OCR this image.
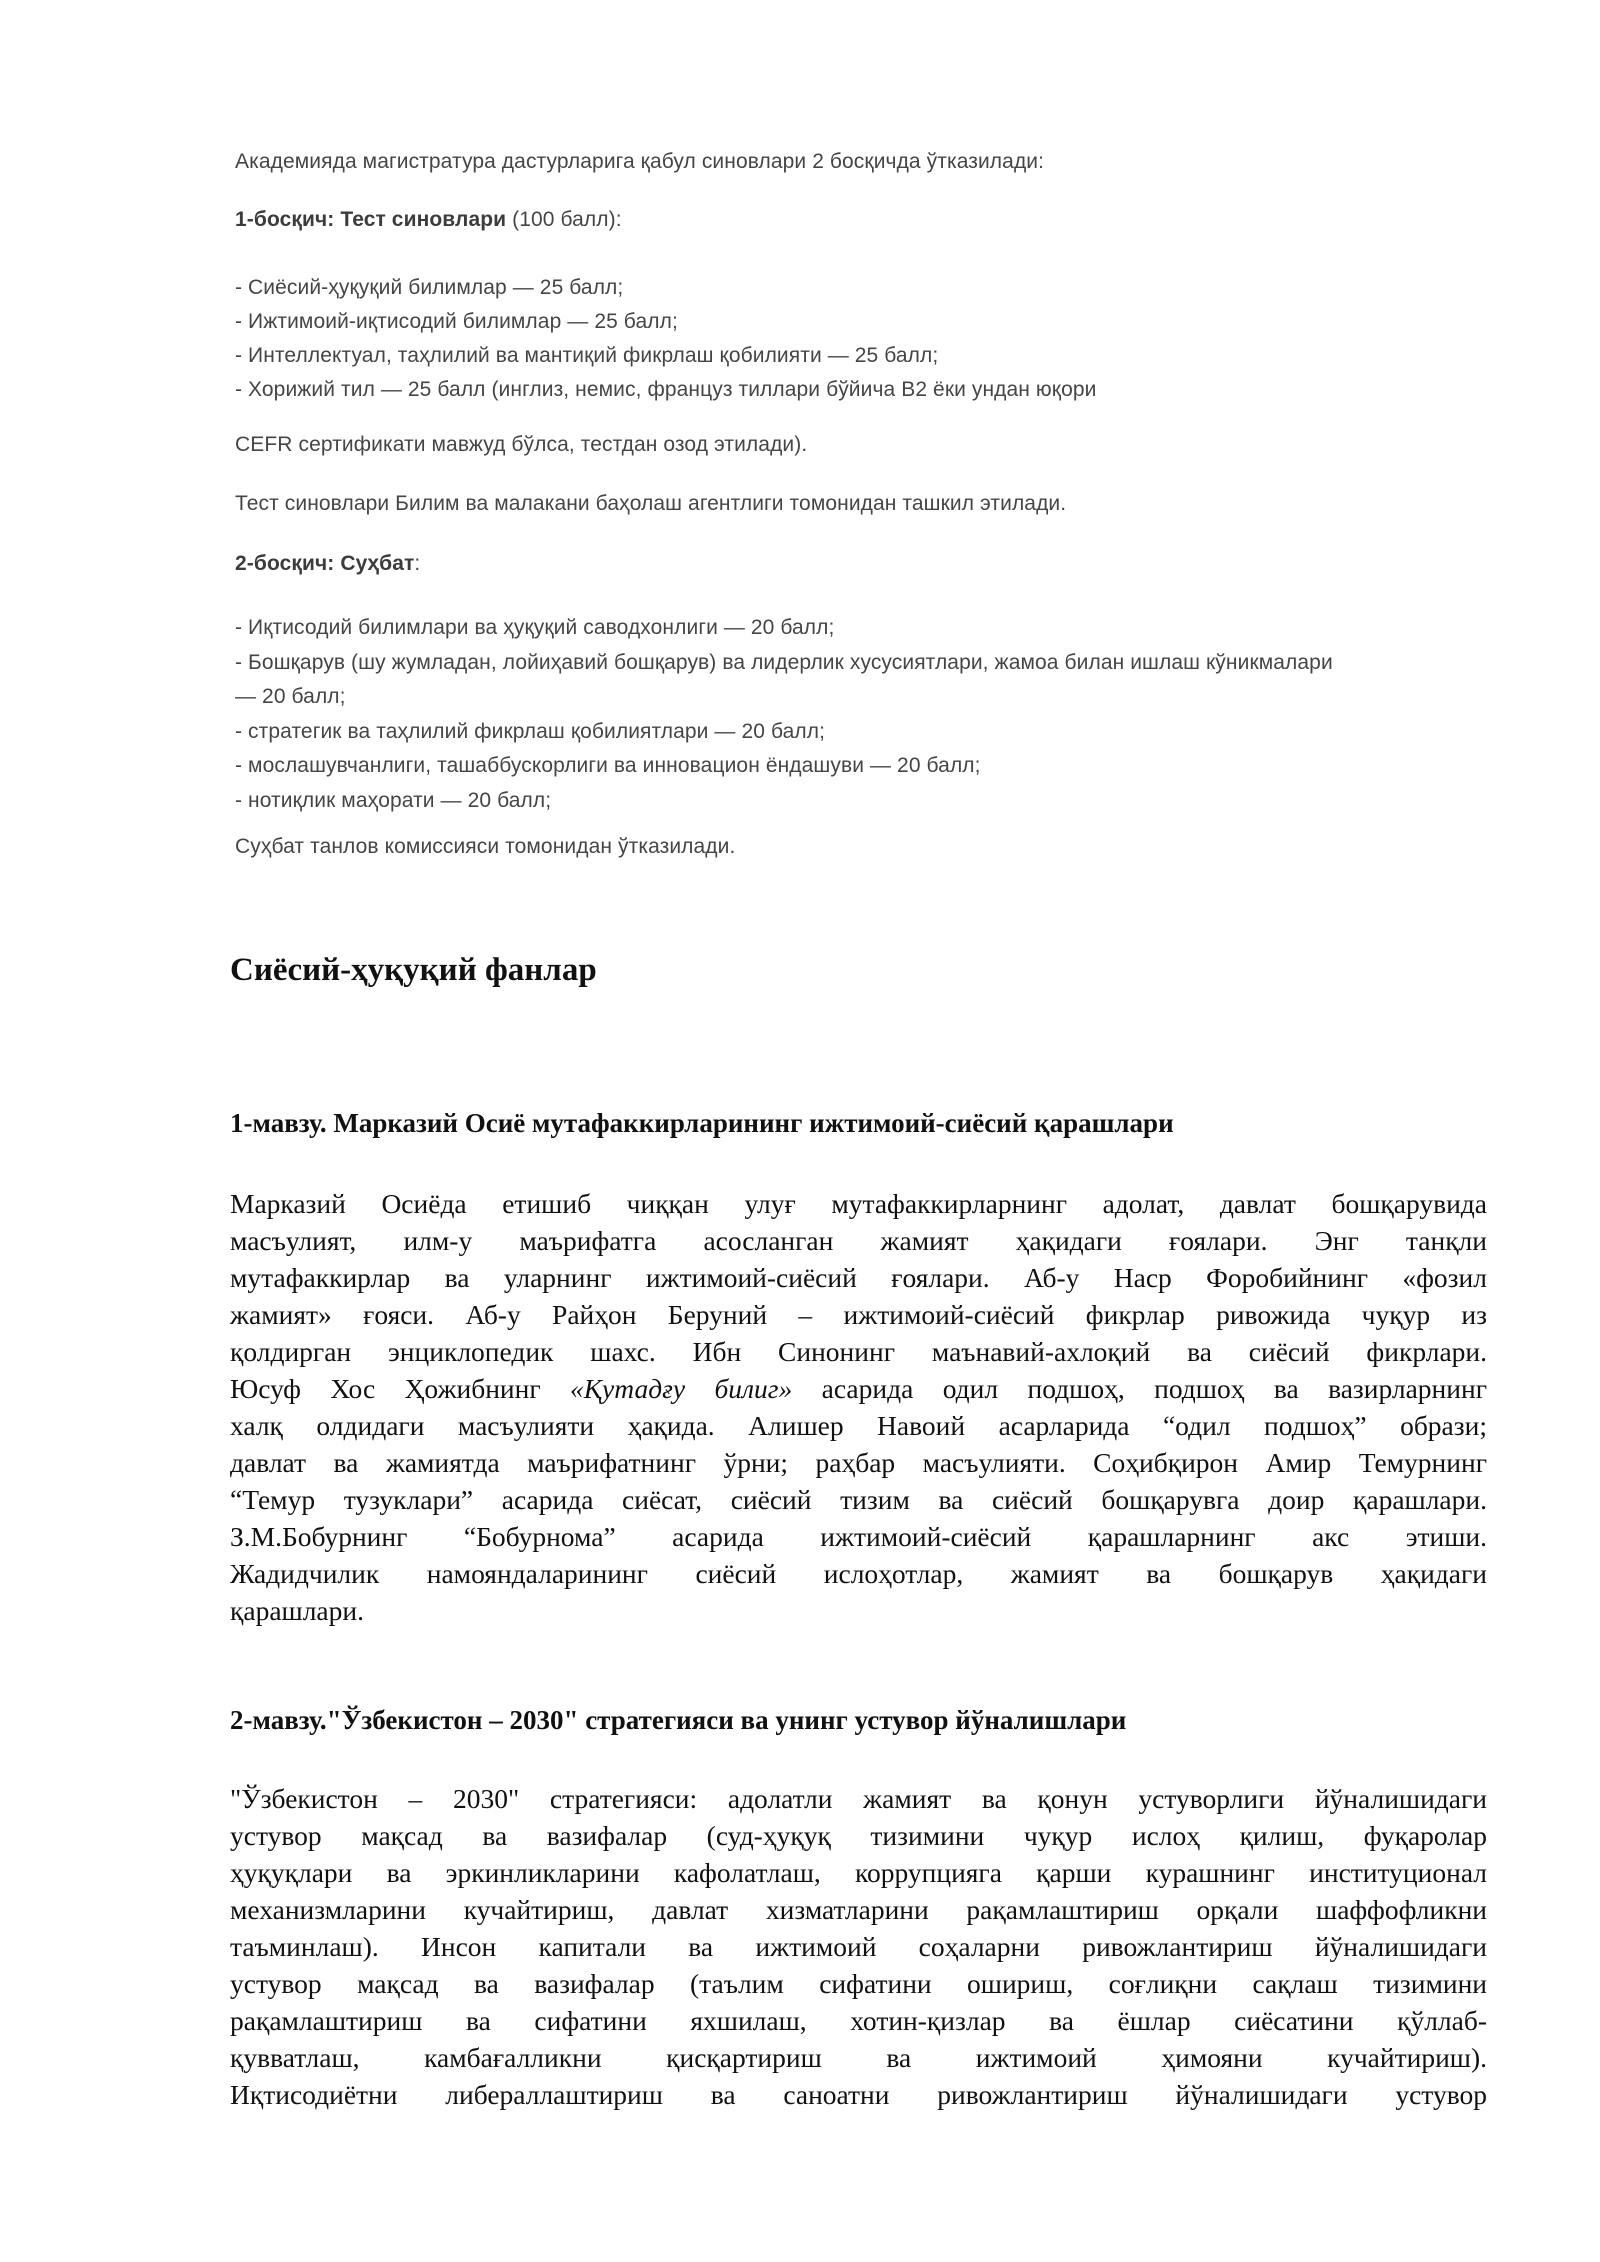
Академияда магистратура дастурларига қабул синовлари 2 босқичда ўтказилади:

1-босқич: Тест синовлари (100 балл):

- Сиёсий-ҳуқуқий билимлар — 25 балл;
- Ижтимоий-иқтисодий билимлар — 25 балл;
- Интеллектуал, таҳлилий ва мантиқий фикрлаш қобилияти — 25 балл;
- Хорижий тил — 25 балл (инглиз, немис, француз тиллари бўйича B2 ёки ундан юқори

CEFR сертификати мавжуд бўлса, тестдан озод этилади).

Тест синовлари Билим ва малакани баҳолаш агентлиги томонидан ташкил этилади.

2-босқич: Суҳбат:

- Иқтисодий билимлари ва ҳуқуқий саводхонлиги — 20 балл;
- Бошқарув (шу жумладан, лойиҳавий бошқарув) ва лидерлик хусусиятлари, жамоа билан ишлаш кўникмалари
— 20 балл;
- стратегик ва таҳлилий фикрлаш қобилиятлари — 20 балл;
- мослашувчанлиги, ташаббускорлиги ва инновацион ёндашуви — 20 балл;
- нотиқлик маҳорати — 20 балл;

Суҳбат танлов комиссияси томонидан ўтказилади.

Сиёсий-ҳуқуқий фанлар
1-мавзу. Марказий Осиё мутафаккирларининг ижтимоий-сиёсий қарашлари
Марказий Осиёда етишиб чиққан улуғ мутафаккирларнинг адолат, давлат бошқарувида
масъулият, илм-у маърифатга асосланган жамият ҳақидаги ғоялари. Энг танқли
мутафаккирлар ва уларнинг ижтимоий-сиёсий ғоялари. Аб-у Наср Форобийнинг «фозил
жамият» ғояси. Аб-у Райҳон Беруний – ижтимоий-сиёсий фикрлар ривожида чуқур из
қолдирган энциклопедик шахс. Ибн Синонинг маънавий-ахлоқий ва сиёсий фикрлари.
Юсуф Хос Ҳожибнинг «Қутадғу билиг» асарида одил подшоҳ, подшоҳ ва вазирларнинг
халқ олдидаги масъулияти ҳақида. Алишер Навоий асарларида “одил подшоҳ” образи;
давлат ва жамиятда маърифатнинг ўрни; раҳбар масъулияти. Соҳибқирон Амир Темурнинг
“Темур тузуклари” асарида сиёсат, сиёсий тизим ва сиёсий бошқарувга доир қарашлари.
З.М.Бобурнинг “Бобурнома” асарида ижтимоий-сиёсий қарашларнинг акс этиши.
Жадидчилик намояндаларининг сиёсий ислоҳотлар, жамият ва бошқарув ҳақидаги
қарашлари.
2-мавзу."Ўзбекистон – 2030" стратегияси ва унинг устувор йўналишлари
"Ўзбекистон – 2030" стратегияси: адолатли жамият ва қонун устуворлиги йўналишидаги
устувор мақсад ва вазифалар (суд-ҳуқуқ тизимини чуқур ислоҳ қилиш, фуқаролар
ҳуқуқлари ва эркинликларини кафолатлаш, коррупцияга қарши курашнинг институционал
механизмларини кучайтириш, давлат хизматларини рақамлаштириш орқали шаффофликни
таъминлаш). Инсон капитали ва ижтимоий соҳаларни ривожлантириш йўналишидаги
устувор мақсад ва вазифалар (таълим сифатини ошириш, соғлиқни сақлаш тизимини
рақамлаштириш ва сифатини яхшилаш, хотин-қизлар ва ёшлар сиёсатини қўллаб-
қувватлаш, камбағалликни қисқартириш ва ижтимоий ҳимояни кучайтириш).
Иқтисодиётни либераллаштириш ва саноатни ривожлантириш йўналишидаги устувор
